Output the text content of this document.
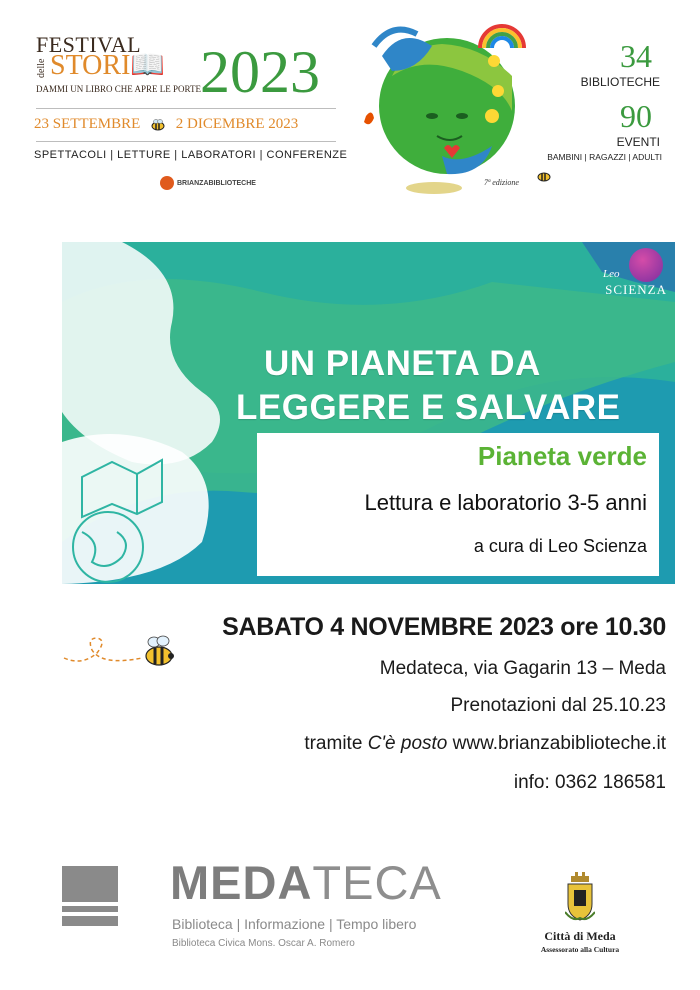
FESTIVAL
delle STORI📖 2023
DAMMI UN LIBRO CHE APRE LE PORTE
23 SETTEMBRE 2 DICEMBRE 2023
SPETTACOLI | LETTURE | LABORATORI | CONFERENZE
BRIANZABIBLIOTECHE	7ª edizione
34
BIBLIOTECHE
90
EVENTI
BAMBINI | RAGAZZI | ADULTI
Leo
SCIENZA
UN PIANETA DA
LEGGERE E SALVARE
Pianeta verde
Lettura e laboratorio 3-5 anni
a cura di Leo Scienza
SABATO 4 NOVEMBRE 2023 ore 10.30
Medateca, via Gagarin 13 – Meda
Prenotazioni dal 25.10.23
tramite C'è posto www.brianzabiblioteche.it
info: 0362 186581
MEDATECA
Biblioteca | Informazione | Tempo libero
Biblioteca Civica Mons. Oscar A. Romero
Città di Meda
Assessorato alla Cultura
